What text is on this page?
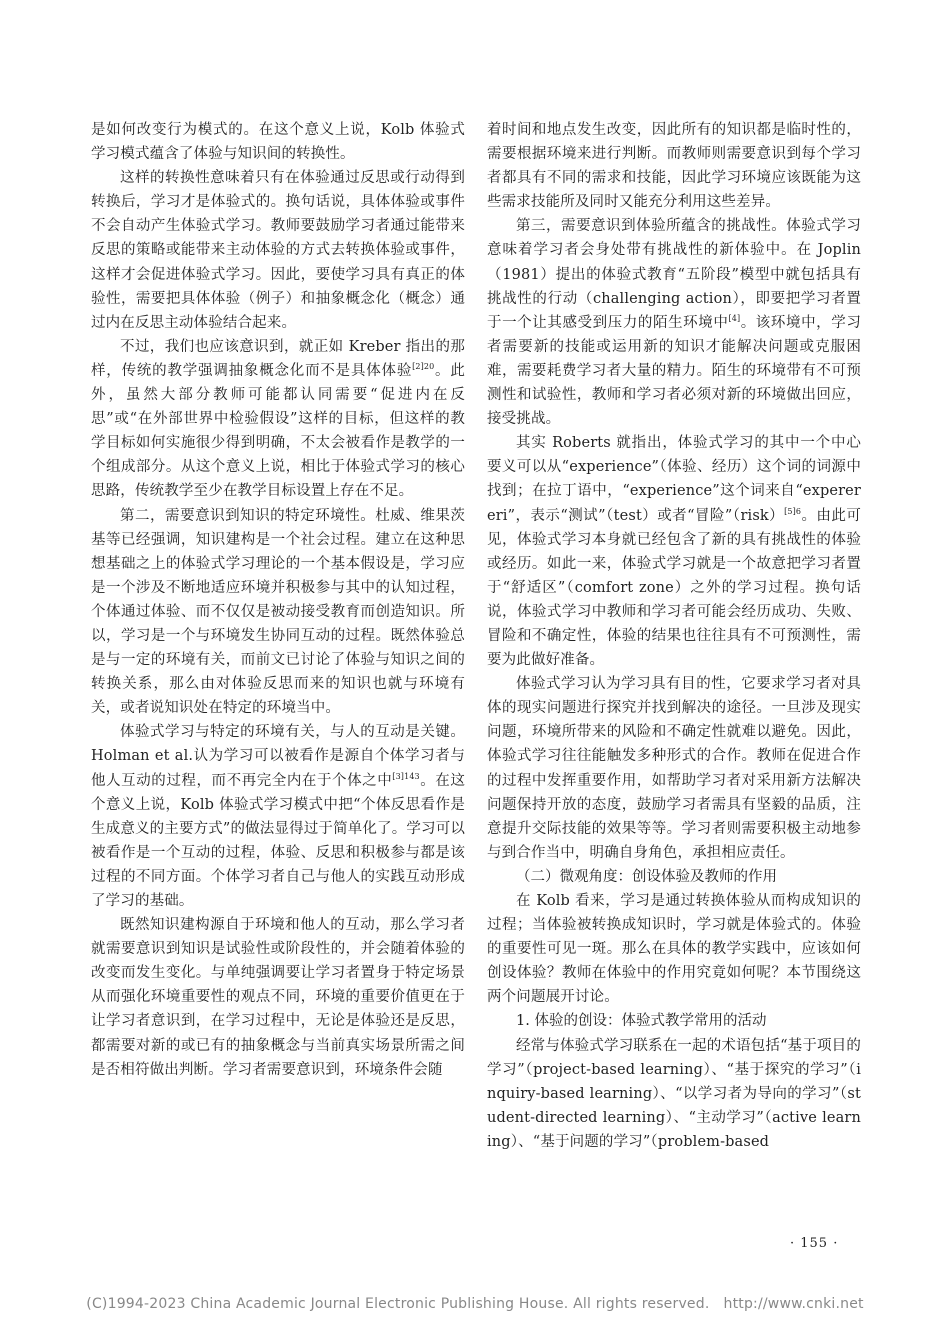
是如何改变行为模式的。在这个意义上说，Kolb 体验式学习模式蕴含了体验与知识间的转换性。

这样的转换性意味着只有在体验通过反思或行动得到转换后，学习才是体验式的。换句话说，具体体验或事件不会自动产生体验式学习。教师要鼓励学习者通过能带来反思的策略或能带来主动体验的方式去转换体验或事件，这样才会促进体验式学习。因此，要使学习具有真正的体验性，需要把具体体验（例子）和抽象概念化（概念）通过内在反思主动体验结合起来。

不过，我们也应该意识到，就正如 Kreber 指出的那样，传统的教学强调抽象概念化而不是具体体验$^{[2]20}$。此外，虽然大部分教师可能都认同需要“促进内在反思”或“在外部世界中检验假设”这样的目标，但这样的教学目标如何实施很少得到明确，不太会被看作是教学的一个组成部分。从这个意义上说，相比于体验式学习的核心思路，传统教学至少在教学目标设置上存在不足。

第二，需要意识到知识的特定环境性。杜威、维果茨基等已经强调，知识建构是一个社会过程。建立在这种思想基础之上的体验式学习理论的一个基本假设是，学习应是一个涉及不断地适应环境并积极参与其中的认知过程，个体通过体验、而不仅仅是被动接受教育而创造知识。所以，学习是一个与环境发生协同互动的过程。既然体验总是与一定的环境有关，而前文已讨论了体验与知识之间的转换关系，那么由对体验反思而来的知识也就与环境有关，或者说知识处在特定的环境当中。

体验式学习与特定的环境有关，与人的互动是关键。Holman et al.认为学习可以被看作是源自个体学习者与他人互动的过程，而不再完全内在于个体之中$^{[3]143}$。在这个意义上说，Kolb 体验式学习模式中把“个体反思看作是生成意义的主要方式”的做法显得过于简单化了。学习可以被看作是一个互动的过程，体验、反思和积极参与都是该过程的不同方面。个体学习者自己与他人的实践互动形成了学习的基础。

既然知识建构源自于环境和他人的互动，那么学习者就需要意识到知识是试验性或阶段性的，并会随着体验的改变而发生变化。与单纯强调要让学习者置身于特定场景从而强化环境重要性的观点不同，环境的重要价值更在于让学习者意识到，在学习过程中，无论是体验还是反思，都需要对新的或已有的抽象概念与当前真实场景所需之间是否相符做出判断。学习者需要意识到，环境条件会随

着时间和地点发生改变，因此所有的知识都是临时性的，需要根据环境来进行判断。而教师则需要意识到每个学习者都具有不同的需求和技能，因此学习环境应该既能为这些需求技能所及同时又能充分利用这些差异。

第三，需要意识到体验所蕴含的挑战性。体验式学习意味着学习者会身处带有挑战性的新体验中。在 Joplin（1981）提出的体验式教育“五阶段”模型中就包括具有挑战性的行动（challenging action），即要把学习者置于一个让其感受到压力的陌生环境中[4]。该环境中，学习者需要新的技能或运用新的知识才能解决问题或克服困难，需要耗费学习者大量的精力。陌生的环境带有不可预测性和试验性，教师和学习者必须对新的环境做出回应，接受挑战。

其实 Roberts 就指出，体验式学习的其中一个中心要义可以从“experience”（体验、经历）这个词的词源中找到；在拉丁语中，“experience”这个词来自“experereri”，表示“测试”（test）或者“冒险”（risk）$^{[5]6}$。由此可见，体验式学习本身就已经包含了新的具有挑战性的体验或经历。如此一来，体验式学习就是一个故意把学习者置于“舒适区”（comfort zone）之外的学习过程。换句话说，体验式学习中教师和学习者可能会经历成功、失败、冒险和不确定性，体验的结果也往往具有不可预测性，需要为此做好准备。

体验式学习认为学习具有目的性，它要求学习者对具体的现实问题进行探究并找到解决的途径。一旦涉及现实问题，环境所带来的风险和不确定性就难以避免。因此，体验式学习往往能触发多种形式的合作。教师在促进合作的过程中发挥重要作用，如帮助学习者对采用新方法解决问题保持开放的态度，鼓励学习者需具有坚毅的品质，注意提升交际技能的效果等等。学习者则需要积极主动地参与到合作当中，明确自身角色，承担相应责任。

（二）微观角度：创设体验及教师的作用

在 Kolb 看来，学习是通过转换体验从而构成知识的过程；当体验被转换成知识时，学习就是体验式的。体验的重要性可见一斑。那么在具体的教学实践中，应该如何创设体验？教师在体验中的作用究竟如何呢？本节围绕这两个问题展开讨论。

1. 体验的创设：体验式教学常用的活动

经常与体验式学习联系在一起的术语包括“基于项目的学习”（project-based learning）、“基于探究的学习”（inquiry-based learning）、“以学习者为导向的学习”（student-directed learning）、“主动学习”（active learning）、“基于问题的学习”（problem-based

· 155 ·
(C)1994-2023 China Academic Journal Electronic Publishing House. All rights reserved. http://www.cnki.net
